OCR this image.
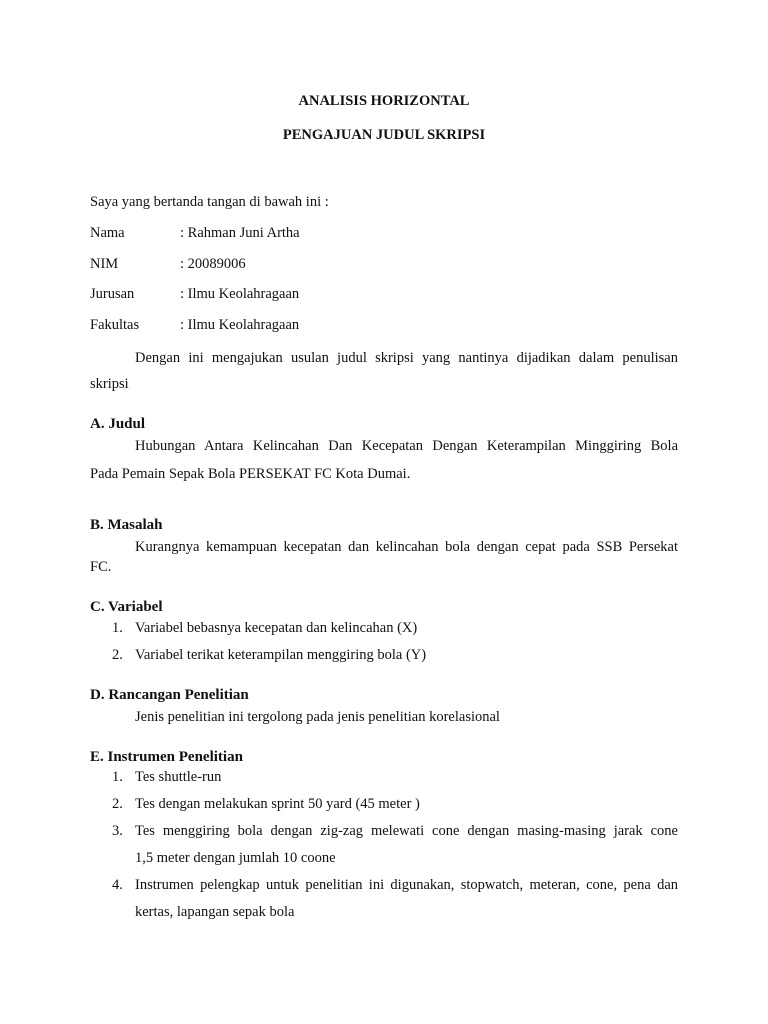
ANALISIS HORIZONTAL
PENGAJUAN JUDUL SKRIPSI
Saya yang bertanda tangan di bawah ini :
Nama	: Rahman Juni Artha
NIM	: 20089006
Jurusan	: Ilmu Keolahragaan
Fakultas	: Ilmu Keolahragaan
Dengan ini mengajukan usulan judul skripsi yang nantinya dijadikan dalam penulisan
skripsi
A. Judul
Hubungan Antara Kelincahan Dan Kecepatan Dengan Keterampilan Minggiring Bola
Pada Pemain Sepak Bola PERSEKAT FC Kota Dumai.
B. Masalah
Kurangnya kemampuan kecepatan dan kelincahan bola dengan cepat pada SSB Persekat
FC.
C. Variabel
1. Variabel bebasnya kecepatan dan kelincahan (X)
2. Variabel terikat keterampilan menggiring bola (Y)
D. Rancangan Penelitian
Jenis penelitian ini tergolong pada jenis penelitian korelasional
E. Instrumen Penelitian
1. Tes shuttle-run
2. Tes dengan melakukan sprint 50 yard (45 meter )
3. Tes menggiring bola dengan zig-zag melewati cone dengan masing-masing jarak cone
1,5 meter dengan jumlah 10 coone
4. Instrumen pelengkap untuk penelitian ini digunakan, stopwatch, meteran, cone, pena dan
kertas, lapangan sepak bola
